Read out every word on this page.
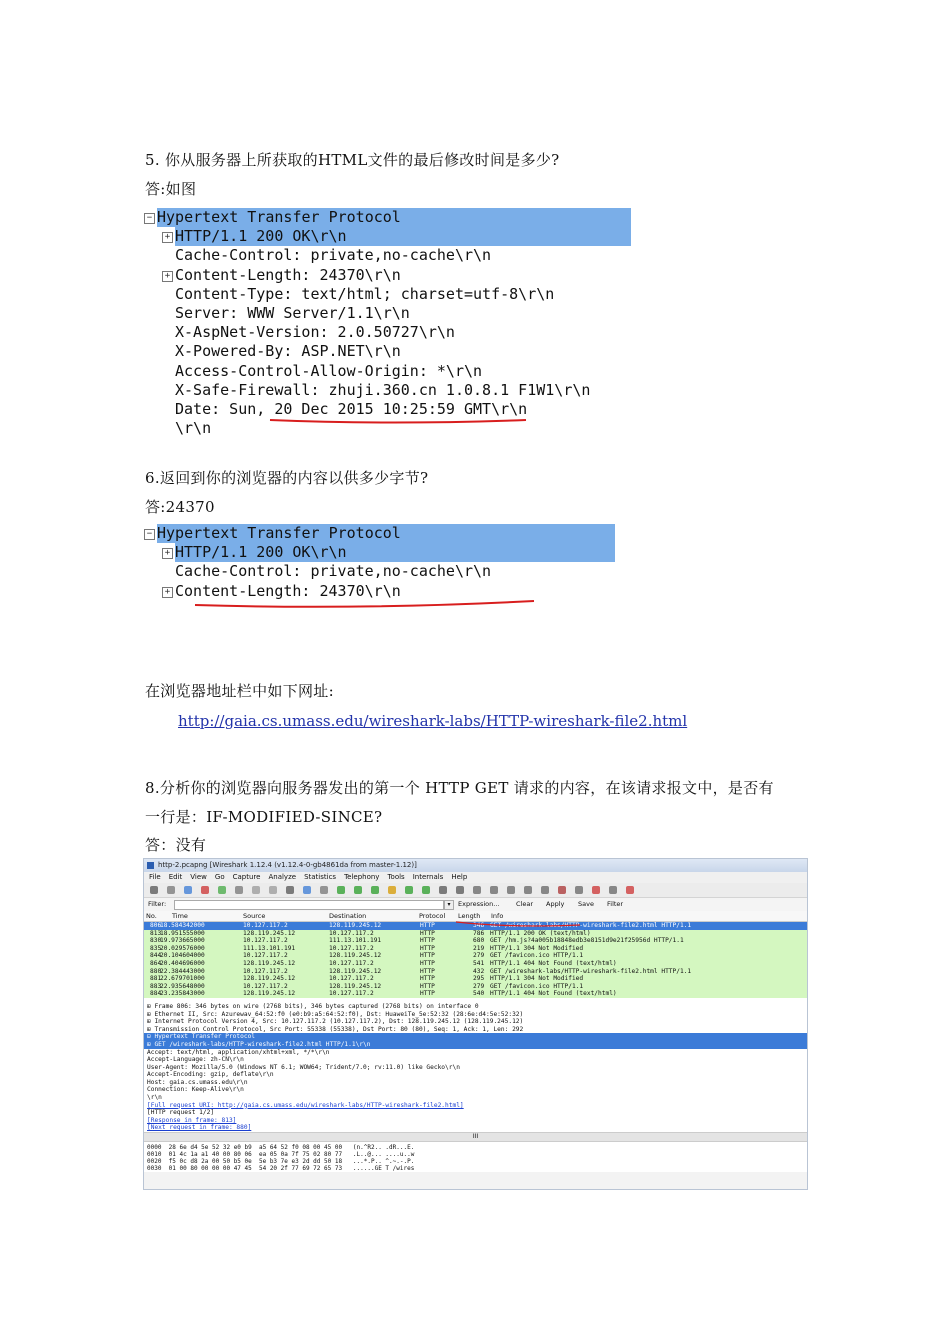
5. 你从服务器上所获取的HTML文件的最后修改时间是多少?
答:如图
Hypertext Transfer Protocol
−
HTTP/1.1 200 OK\r\n
+
Cache-Control: private,no-cache\r\n
Content-Length: 24370\r\n
+
Content-Type: text/html; charset=utf-8\r\n
Server: WWW Server/1.1\r\n
X-AspNet-Version: 2.0.50727\r\n
X-Powered-By: ASP.NET\r\n
Access-Control-Allow-Origin: *\r\n
X-Safe-Firewall: zhuji.360.cn 1.0.8.1 F1W1\r\n
Date: Sun, 20 Dec 2015 10:25:59 GMT\r\n
\r\n
6.返回到你的浏览器的内容以供多少字节?
答:24370
Hypertext Transfer Protocol
−
HTTP/1.1 200 OK\r\n
+
Cache-Control: private,no-cache\r\n
Content-Length: 24370\r\n
+
在浏览器地址栏中如下网址:
http://gaia.cs.umass.edu/wireshark-labs/HTTP-wireshark-file2.html
8.分析你的浏览器向服务器发出的第一个 HTTP GET 请求的内容，在该请求报文中，是否有
一行是：IF-MODIFIED-SINCE?
答：没有
http-2.pcapng [Wireshark 1.12.4 (v1.12.4-0-gb4861da from master-1.12)]
File Edit View Go Capture Analyze Statistics Telephony Tools Internals Help
Filter:	▾	Expression...	Clear Apply Save Filter
No. Time	Source	Destination	Protocol Length Info
806
18.584342000	10.127.117.2	128.119.245.12	HTTP	346 GET /wireshark-labs/HTTP-wireshark-file2.html HTTP/1.1
813
18.951555000	128.119.245.12	10.127.117.2	HTTP	786 HTTP/1.1 200 OK (text/html)
830
19.973665000	10.127.117.2	111.13.101.191	HTTP	680 GET /hm.js?4a005b18848edb3e8151d9e21f25956d HTTP/1.1
835
20.029576000	111.13.101.191	10.127.117.2	HTTP	219 HTTP/1.1 304 Not Modified
844
20.104604000	10.127.117.2	128.119.245.12	HTTP	279 GET /favicon.ico HTTP/1.1
864
20.404696000	128.119.245.12	10.127.117.2	HTTP	541 HTTP/1.1 404 Not Found (text/html)
880
22.384443000	10.127.117.2	128.119.245.12	HTTP	432 GET /wireshark-labs/HTTP-wireshark-file2.html HTTP/1.1
881
22.679701000	128.119.245.12	10.127.117.2	HTTP	295 HTTP/1.1 304 Not Modified
883
22.935648000	10.127.117.2	128.119.245.12	HTTP	279 GET /favicon.ico HTTP/1.1
884
23.235843000	128.119.245.12	10.127.117.2	HTTP	540 HTTP/1.1 404 Not Found (text/html)
⊞ Frame 806: 346 bytes on wire (2768 bits), 346 bytes captured (2768 bits) on interface 0
⊞ Ethernet II, Src: Azurewav_64:52:f0 (e0:b9:a5:64:52:f0), Dst: HuaweiTe_5e:52:32 (28:6e:d4:5e:52:32)
⊞ Internet Protocol Version 4, Src: 10.127.117.2 (10.127.117.2), Dst: 128.119.245.12 (128.119.245.12)
⊞ Transmission Control Protocol, Src Port: 55338 (55338), Dst Port: 80 (80), Seq: 1, Ack: 1, Len: 292
⊟ Hypertext Transfer Protocol
⊞ GET /wireshark-labs/HTTP-wireshark-file2.html HTTP/1.1\r\n
Accept: text/html, application/xhtml+xml, */*\r\n
Accept-Language: zh-CN\r\n
User-Agent: Mozilla/5.0 (Windows NT 6.1; WOW64; Trident/7.0; rv:11.0) like Gecko\r\n
Accept-Encoding: gzip, deflate\r\n
Host: gaia.cs.umass.edu\r\n
Connection: Keep-Alive\r\n
\r\n
[Full request URI: http://gaia.cs.umass.edu/wireshark-labs/HTTP-wireshark-file2.html]
[HTTP request 1/2]
[Response in frame: 813]
[Next request in frame: 880]
III
0000  28 6e d4 5e 52 32 e0 b9  a5 64 52 f0 08 00 45 00   (n.^R2.. .dR...E.
0010  01 4c 1a a1 40 00 80 06  ea 05 0a 7f 75 02 80 77   .L..@... ....u..w
0020  f5 0c d8 2a 00 50 b5 0e  5e b3 7e e3 2d dd 50 18   ...*.P.. ^.~.-.P.
0030  01 00 80 00 00 00 47 45  54 20 2f 77 69 72 65 73   ......GE T /wires
